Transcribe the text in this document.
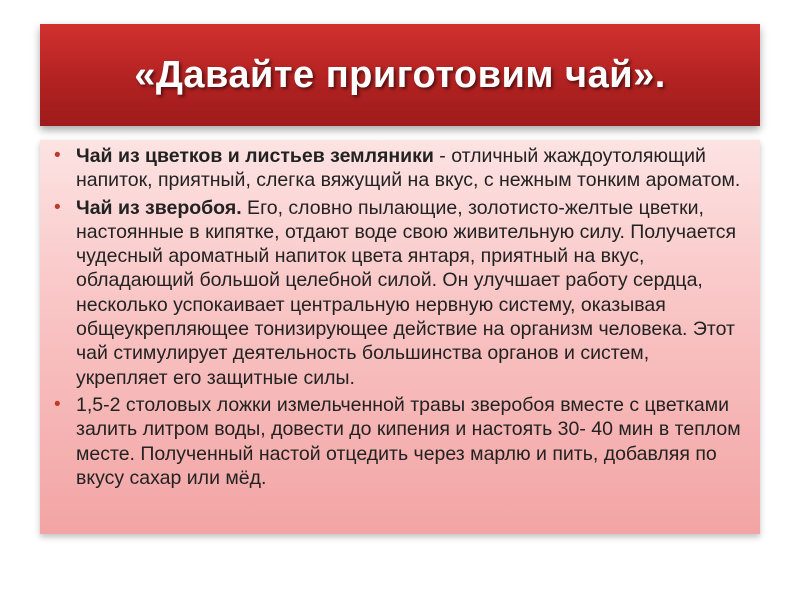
«Давайте приготовим чай».
• Чай из цветков и листьев земляники - отличный жаждоутоляющий напиток, приятный, слегка вяжущий на вкус, с нежным тонким ароматом.
• Чай из зверобоя. Его, словно пылающие, золотисто-желтые цветки, настоянные в кипятке, отдают воде свою живительную силу. Получается чудесный ароматный напиток цвета янтаря, приятный на вкус, обладающий большой целебной силой. Он улучшает работу сердца, несколько успокаивает центральную нервную систему, оказывая общеукрепляющее тонизирующее действие на организм человека. Этот чай стимулирует деятельность большинства органов и систем, укрепляет его защитные силы.
• 1,5-2 столовых ложки измельченной травы зверобоя вместе с цветками залить литром воды, довести до кипения и настоять 30- 40 мин в теплом месте. Полученный настой отцедить через марлю и пить, добавляя по вкусу сахар или мёд.
